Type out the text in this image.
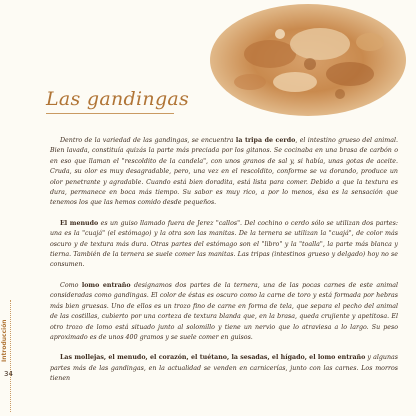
Las gandingas

Dentro de la variedad de las gandingas, se encuentra la tripa de cerdo, el intestino grueso del animal. Bien lavada, constituía quizás la parte más preciada por los gitanos. Se cocinaba en una brasa de carbón o en eso que llaman el "rescoldito de la candela", con unos granos de sal y, si había, unas gotas de aceite. Cruda, su olor es muy desagradable, pero, una vez en el rescoldito, conforme se va dorando, produce un olor penetrante y agradable. Cuando está bien doradita, está lista para comer. Debido a que la textura es dura, permanece en boca más tiempo. Su sabor es muy rico, a por lo menos, ésa es la sensación que tenemos los que las hemos comido desde pequeños.

El menudo es un guiso llamado fuera de Jerez "callos". Del cochino o cerdo sólo se utilizan dos partes: una es la "cuajá" (el estómago) y la otra son las manitas. De la ternera se utilizan la "cuajá", de color más oscuro y de textura más dura. Otras partes del estómago son el "libro" y la "toalla", la parte más blanca y tierna. También de la ternera se suele comer las manitas. Las tripas (intestinos grueso y delgado) hoy no se consumen.

Como lomo entraño designamos dos partes de la ternera, una de las pocas carnes de este animal consideradas como gandingas. El color de éstas es oscuro como la carne de toro y está formada por hebras más bien gruesas. Uno de ellos es un trozo fino de carne en forma de tela, que separa el pecho del animal de las costillas, cubierto por una corteza de textura blanda que, en la brasa, queda crujiente y apetitosa. El otro trozo de lomo está situado junto al solomillo y tiene un nervio que lo atraviesa a lo largo. Su peso aproximado es de unos 400 gramos y se suele comer en guisos.

Las mollejas, el menudo, el corazón, el tuétano, la sesadas, el hígado, el lomo entraño y algunas partes más de las gandingas, en la actualidad se venden en carnicerías, junto con las carnes. Los morros tienen

Introducción
34
